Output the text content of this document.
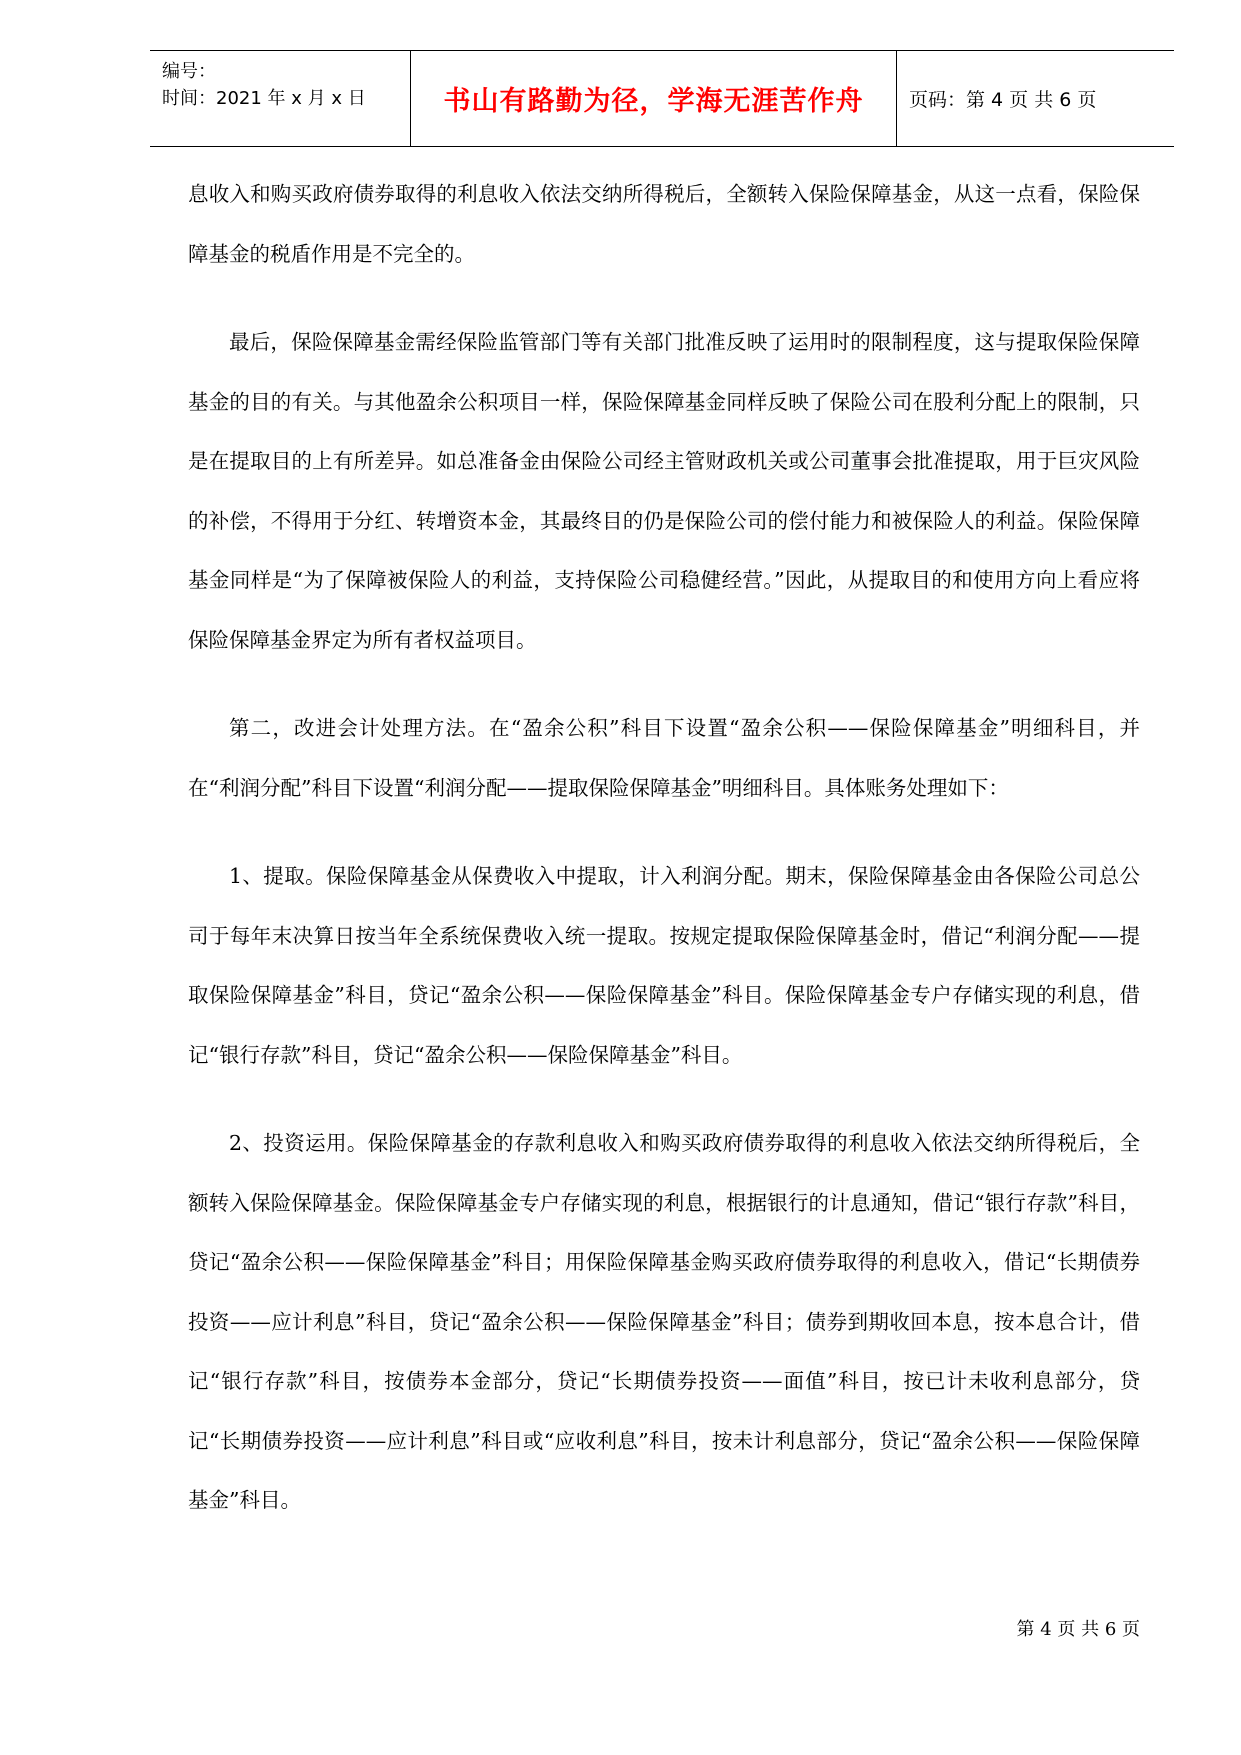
编号：
时间：2021 年 x 月 x 日	书山有路勤为径，学海无涯苦作舟 页码：第 4 页 共 6 页

息收入和购买政府债券取得的利息收入依法交纳所得税后，全额转入保险保障基金，从这一点看，保险保障基金的税盾作用是不完全的。

最后，保险保障基金需经保险监管部门等有关部门批准反映了运用时的限制程度，这与提取保险保障基金的目的有关。与其他盈余公积项目一样，保险保障基金同样反映了保险公司在股利分配上的限制，只是在提取目的上有所差异。如总准备金由保险公司经主管财政机关或公司董事会批准提取，用于巨灾风险的补偿，不得用于分红、转增资本金，其最终目的仍是保险公司的偿付能力和被保险人的利益。保险保障基金同样是“为了保障被保险人的利益，支持保险公司稳健经营。”因此，从提取目的和使用方向上看应将保险保障基金界定为所有者权益项目。

第二，改进会计处理方法。在“盈余公积”科目下设置“盈余公积——保险保障基金”明细科目，并在“利润分配”科目下设置“利润分配——提取保险保障基金”明细科目。具体账务处理如下：

1、提取。保险保障基金从保费收入中提取，计入利润分配。期末，保险保障基金由各保险公司总公司于每年末决算日按当年全系统保费收入统一提取。按规定提取保险保障基金时，借记“利润分配——提取保险保障基金”科目，贷记“盈余公积——保险保障基金”科目。保险保障基金专户存储实现的利息，借记“银行存款”科目，贷记“盈余公积——保险保障基金”科目。

2、投资运用。保险保障基金的存款利息收入和购买政府债券取得的利息收入依法交纳所得税后，全额转入保险保障基金。保险保障基金专户存储实现的利息，根据银行的计息通知，借记“银行存款”科目，贷记“盈余公积——保险保障基金”科目；用保险保障基金购买政府债券取得的利息收入，借记“长期债券投资——应计利息”科目，贷记“盈余公积——保险保障基金”科目；债券到期收回本息，按本息合计，借记“银行存款”科目，按债券本金部分，贷记“长期债券投资——面值”科目，按已计未收利息部分，贷记“长期债券投资——应计利息”科目或“应收利息”科目，按未计利息部分，贷记“盈余公积——保险保障基金”科目。

第 4 页 共 6 页
